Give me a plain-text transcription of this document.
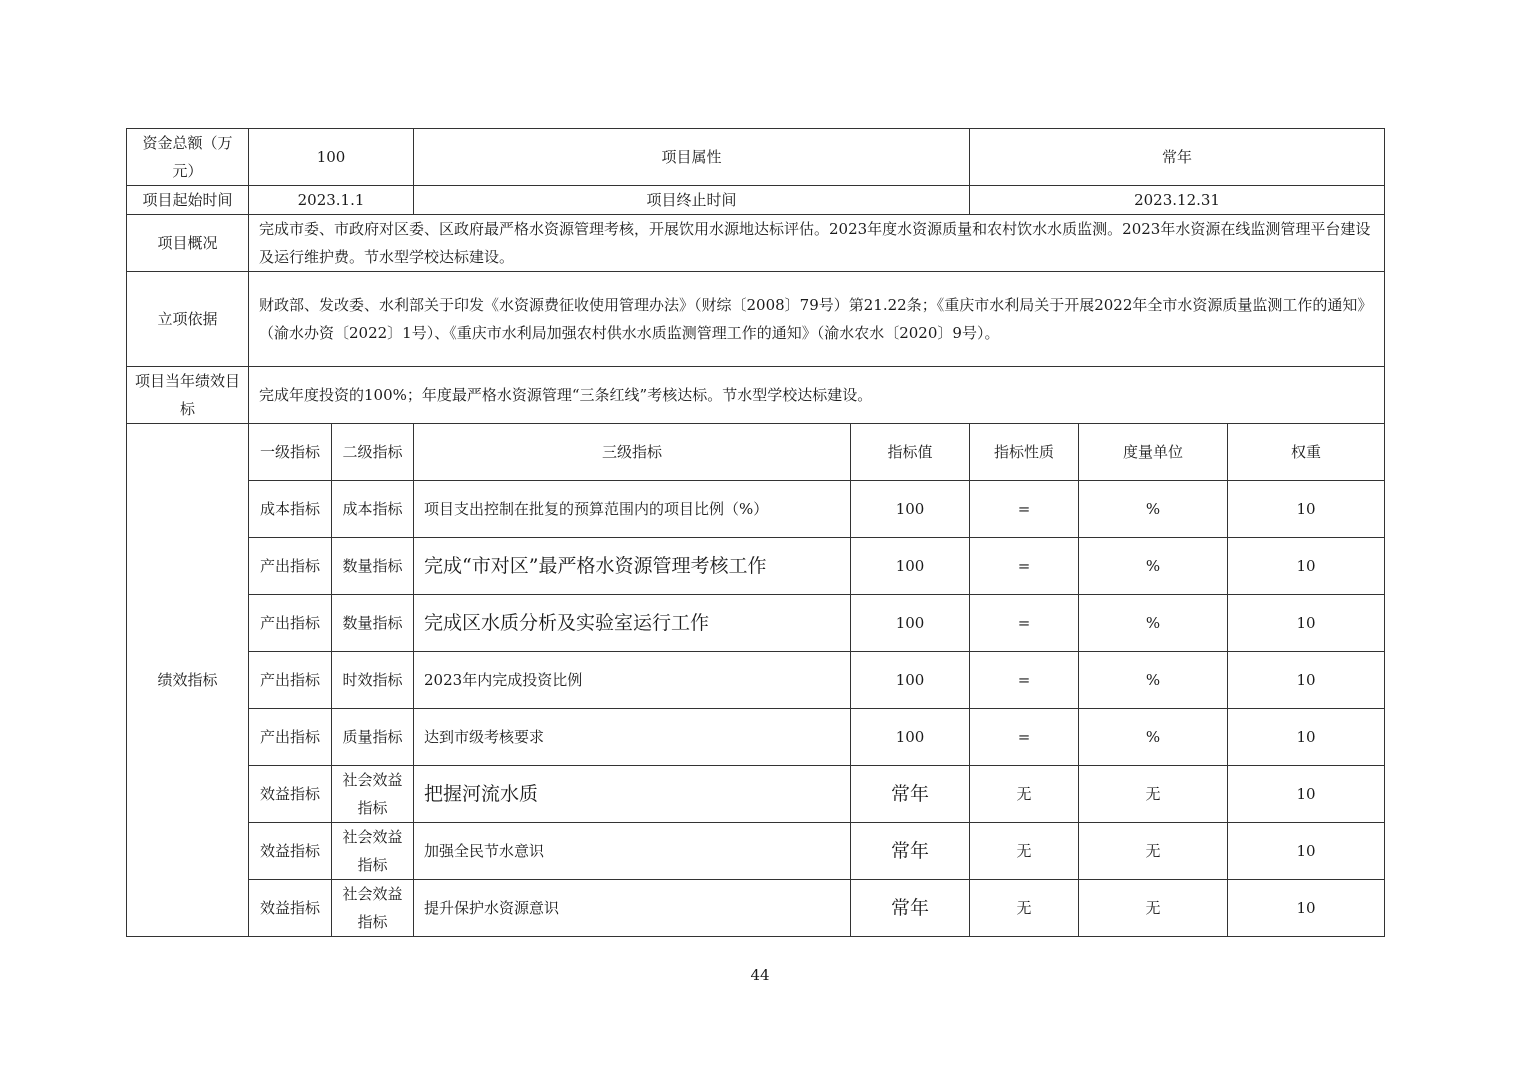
资金总额（万元）	100		项目属性		常年		
项目起始时间	2023.1.1		项目终止时间		2023.12.31		
项目概况	完成市委、市政府对区委、区政府最严格水资源管理考核，开展饮用水源地达标评估。2023年度水资源质量和农村饮水水质监测。2023年水资源在线监测管理平台建设及运行维护费。节水型学校达标建设。						
立项依据	财政部、发改委、水利部关于印发《水资源费征收使用管理办法》（财综〔2008〕79号）第21.22条；《重庆市水利局关于开展2022年全市水资源质量监测工作的通知》（渝水办资〔2022〕1号）、《重庆市水利局加强农村供水水质监测管理工作的通知》（渝水农水〔2020〕9号）。						
项目当年绩效目标	完成年度投资的100%；年度最严格水资源管理“三条红线”考核达标。节水型学校达标建设。						
绩效指标	一级指标	二级指标	三级指标	指标值	指标性质	度量单位	权重
	成本指标	成本指标	项目支出控制在批复的预算范围内的项目比例（%）	100	=	%	10
	产出指标	数量指标	完成“市对区”最严格水资源管理考核工作	100	=	%	10
	产出指标	数量指标	完成区水质分析及实验室运行工作	100	=	%	10
	产出指标	时效指标	2023年内完成投资比例	100	=	%	10
	产出指标	质量指标	达到市级考核要求	100	=	%	10
	效益指标	社会效益指标	把握河流水质	常年	无	无	10
	效益指标	社会效益指标	加强全民节水意识	常年	无	无	10
	效益指标	社会效益指标	提升保护水资源意识	常年	无	无	10
44
